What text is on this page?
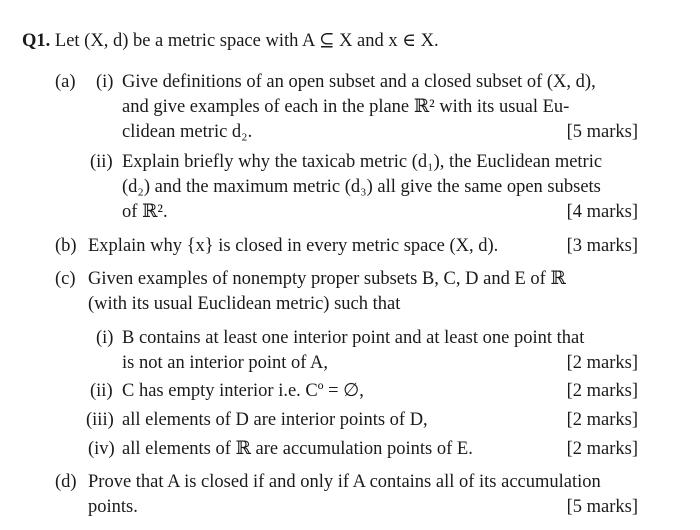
Q1. Let (X, d) be a metric space with A ⊆ X and x ∈ X.
(a) (i) Give definitions of an open subset and a closed subset of (X, d),
and give examples of each in the plane ℝ² with its usual Eu-
clidean metric d₂.	[5 marks]
(ii) Explain briefly why the taxicab metric (d₁), the Euclidean metric
(d₂) and the maximum metric (d₃) all give the same open subsets
of ℝ².	[4 marks]
(b) Explain why {x} is closed in every metric space (X, d).	[3 marks]
(c) Given examples of nonempty proper subsets B, C, D and E of ℝ
(with its usual Euclidean metric) such that
(i) B contains at least one interior point and at least one point that
is not an interior point of A,	[2 marks]
(ii) C has empty interior i.e. Cº = ∅,	[2 marks]
(iii) all elements of D are interior points of D,	[2 marks]
(iv) all elements of ℝ are accumulation points of E.	[2 marks]
(d) Prove that A is closed if and only if A contains all of its accumulation
points.	[5 marks]
